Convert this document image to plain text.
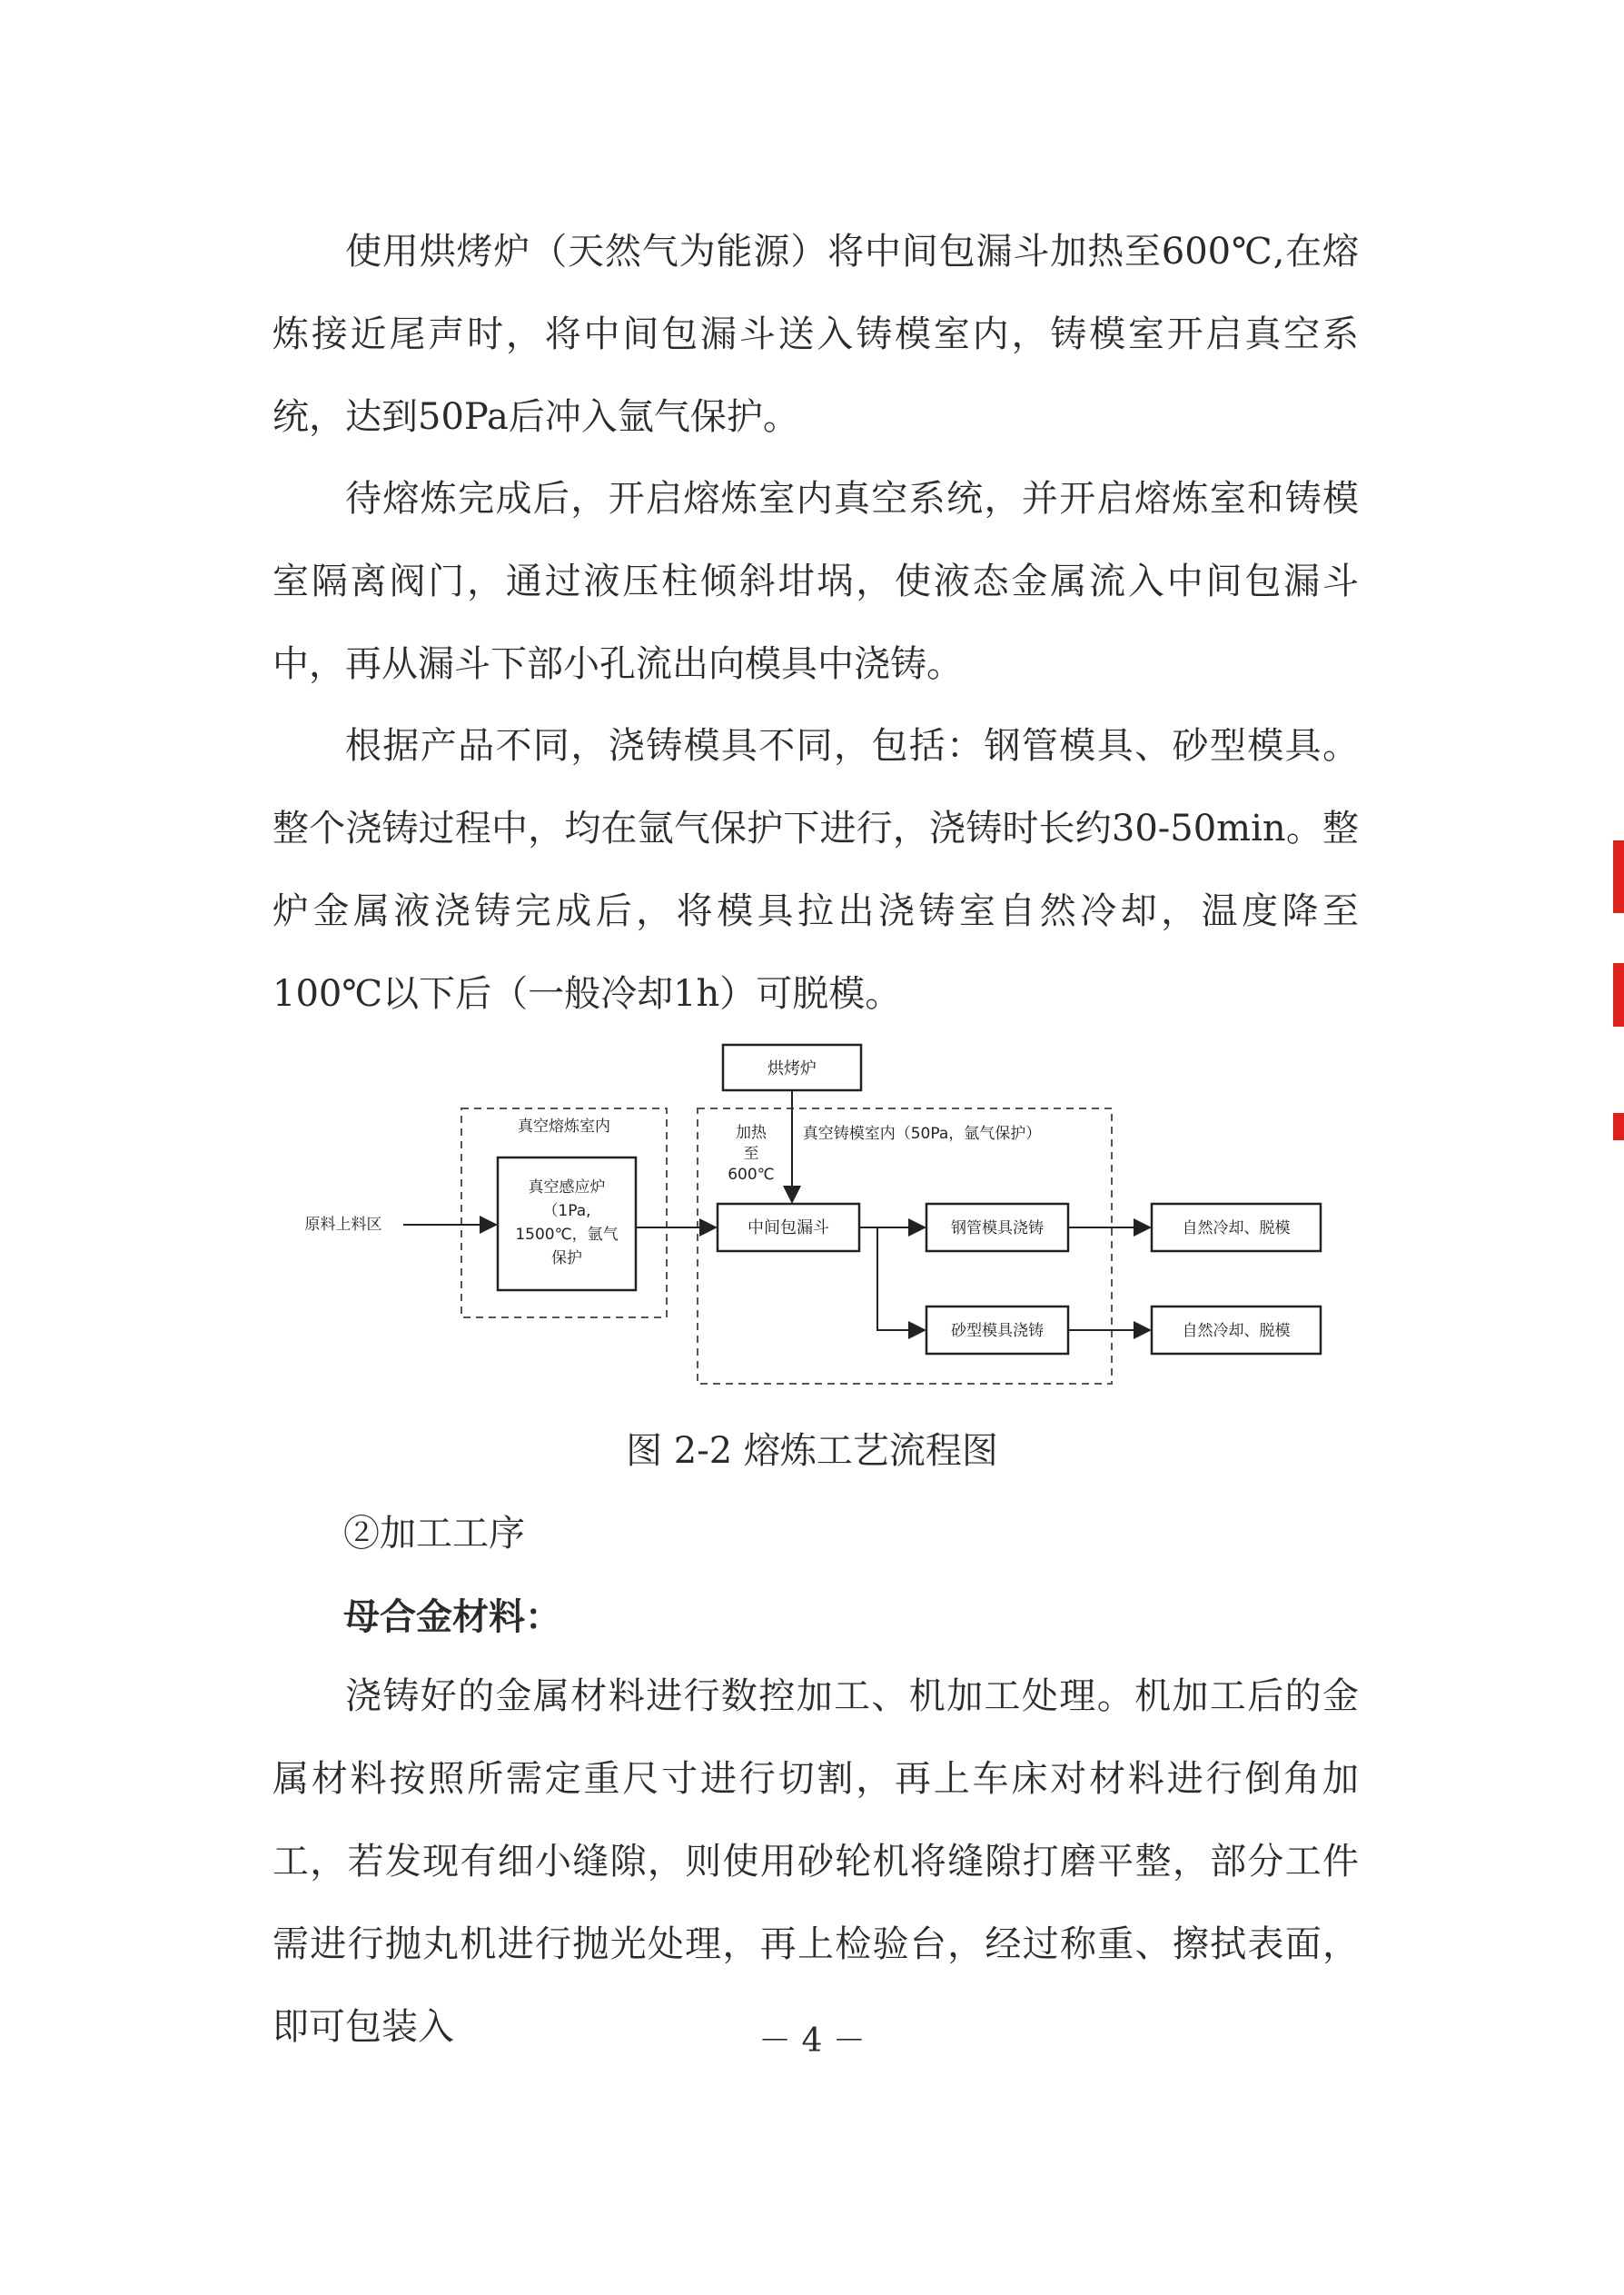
使用烘烤炉（天然气为能源）将中间包漏斗加热至600℃,在熔炼接近尾声时，将中间包漏斗送入铸模室内，铸模室开启真空系统，达到50Pa后冲入氩气保护。

待熔炼完成后，开启熔炼室内真空系统，并开启熔炼室和铸模室隔离阀门，通过液压柱倾斜坩埚，使液态金属流入中间包漏斗中，再从漏斗下部小孔流出向模具中浇铸。

根据产品不同，浇铸模具不同，包括：钢管模具、砂型模具。整个浇铸过程中，均在氩气保护下进行，浇铸时长约30-50min。整炉金属液浇铸完成后，将模具拉出浇铸室自然冷却，温度降至100℃以下后（一般冷却1h）可脱模。

真空熔炼室内	真空铸模室内（50Pa，氩气保护）
烘烤炉
原料上料区
真空感应炉
（1Pa,
1500℃，氩气
保护
加热
至
600℃
中间包漏斗	钢管模具浇铸
砂型模具浇铸
自然冷却、脱模
自然冷却、脱模
图 2-2 熔炼工艺流程图
②加工工序
母合金材料：

浇铸好的金属材料进行数控加工、机加工处理。机加工后的金属材料按照所需定重尺寸进行切割，再上车床对材料进行倒角加工，若发现有细小缝隙，则使用砂轮机将缝隙打磨平整，部分工件需进行抛丸机进行抛光处理，再上检验台，经过称重、擦拭表面，即可包装入	－ 4 －
